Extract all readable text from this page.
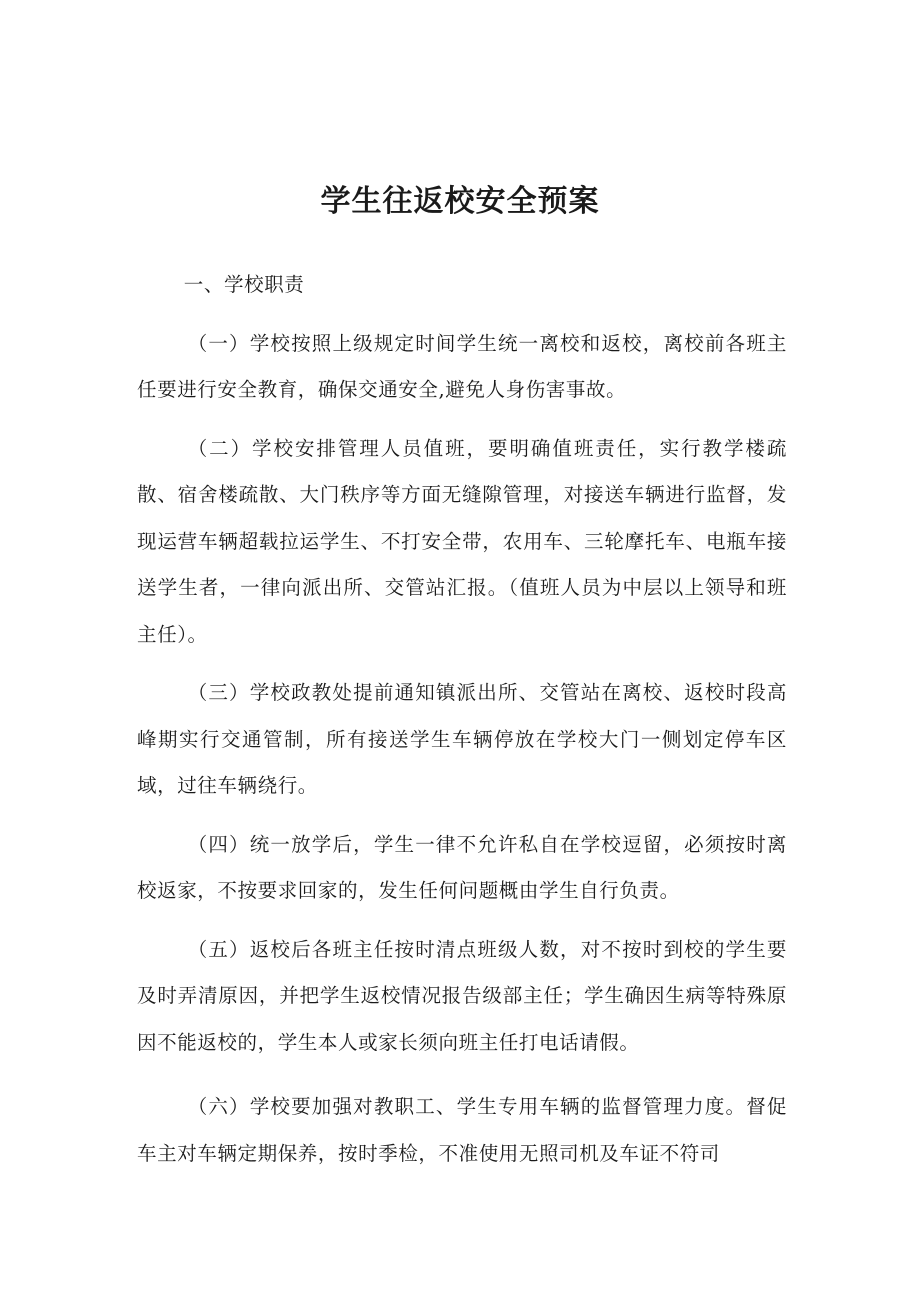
学生往返校安全预案

一、学校职责

（一）学校按照上级规定时间学生统一离校和返校，离校前各班主任要进行安全教育，确保交通安全,避免人身伤害事故。

（二）学校安排管理人员值班，要明确值班责任，实行教学楼疏散、宿舍楼疏散、大门秩序等方面无缝隙管理，对接送车辆进行监督，发现运营车辆超载拉运学生、不打安全带，农用车、三轮摩托车、电瓶车接送学生者，一律向派出所、交管站汇报。（值班人员为中层以上领导和班主任）。

（三）学校政教处提前通知镇派出所、交管站在离校、返校时段高峰期实行交通管制，所有接送学生车辆停放在学校大门一侧划定停车区域，过往车辆绕行。

（四）统一放学后，学生一律不允许私自在学校逗留，必须按时离校返家，不按要求回家的，发生任何问题概由学生自行负责。

（五）返校后各班主任按时清点班级人数，对不按时到校的学生要及时弄清原因，并把学生返校情况报告级部主任；学生确因生病等特殊原因不能返校的，学生本人或家长须向班主任打电话请假。

（六）学校要加强对教职工、学生专用车辆的监督管理力度。督促车主对车辆定期保养，按时季检，不准使用无照司机及车证不符司
